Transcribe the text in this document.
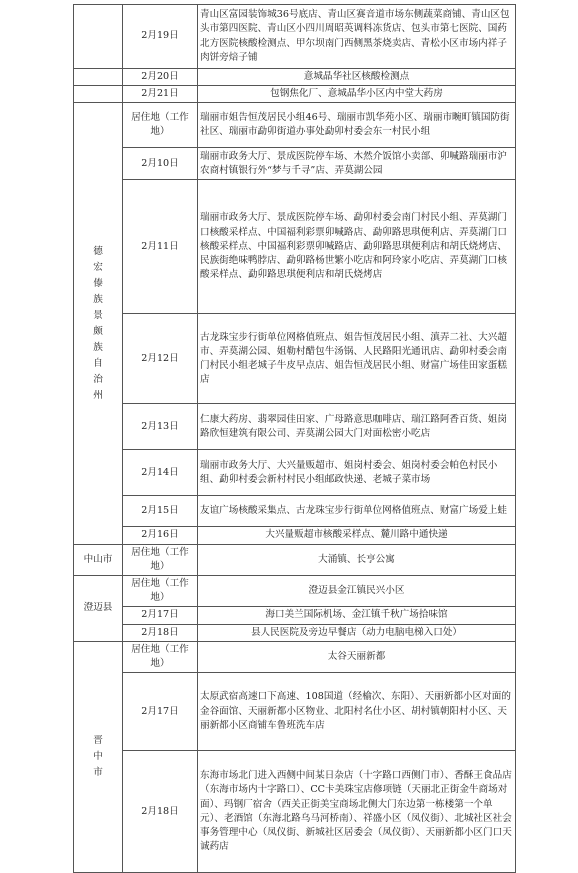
	2月19日	青山区富园装饰城36号底店、青山区赛音道市场东侧蔬菜商铺、青山区包头市第四医院、青山区小四川周昭英调料冻货店、包头市第七医院、国药北方医院核酸检测点、甲尔坝南门西侧黑茶烧卖店、青松小区市场内祥子肉饼旁焙子铺
	2月20日	意城晶华社区核酸检测点
	2月21日	包钢焦化厂、意城晶华小区内中堂大药房
德宏傣族景颇族自治州	居住地（工作地）	瑞丽市姐告恒茂居民小组46号、瑞丽市凯华苑小区、瑞丽市畹町镇国防街社区、瑞丽市勐卯街道办事处勐卯村委会东一村民小组
	2月10日	瑞丽市政务大厅、景成医院停车场、木然介饭馆小卖部、卯喊路瑞丽市沪农商村镇银行外“梦与千寻”店、弄莫湖公园
	2月11日	瑞丽市政务大厅、景成医院停车场、勐卯村委会南门村民小组、弄莫湖门口核酸采样点、中国福利彩票卯喊路店、勐卯路思琪便利店、弄莫湖门口核酸采样点、中国福利彩票卯喊路店、勐卯路思琪便利店和胡氏烧烤店、民族街绝味鸭脖店、勐卯路杨世繁小吃店和阿玲家小吃店、弄莫湖门口核酸采样点、勐卯路思琪便利店和胡氏烧烤店
	2月12日	古龙珠宝步行街单位网格值班点、姐告恒茂居民小组、滇弄二社、大兴超市、弄莫湖公园、姐勒村醋包牛汤锅、人民路阳光通讯店、勐卯村委会南门村民小组老城子牛皮早点店、姐告恒茂居民小组、财富广场佳田家蛋糕店
	2月13日	仁康大药房、翡翠园佳田家、广母路意思咖啡店、瑞江路阿香百货、姐岗路欣恒建筑有限公司、弄莫湖公园大门对面松密小吃店
	2月14日	瑞丽市政务大厅、大兴量贩超市、姐岗村委会、姐岗村委会帕色村民小组、勐卯村委会新村村民小组邮政快递、老城子菜市场
	2月15日	友谊广场核酸采集点、古龙珠宝步行街单位网格值班点、财富广场爱上蛙
	2月16日	大兴量贩超市核酸采样点、麓川路中通快递
中山市	居住地（工作地）	大涌镇、长亨公寓
澄迈县	居住地（工作地）	澄迈县金江镇民兴小区
	2月17日	海口美兰国际机场、金江镇千秋广场拾味馆
	2月18日	县人民医院及旁边早餐店（动力电脑电梯入口处）
晋中市	居住地（工作地）	太谷天丽新都
	2月17日	太原武宿高速口下高速、108国道（经榆次、东阳）、天丽新都小区对面的金谷面馆、天丽新都小区物业、北阳村名仕小区、胡村镇朝阳村小区、天丽新都小区商铺车鲁班洗车店
	2月18日	东海市场北门进入西侧中间某日杂店（十字路口西侧门市）、香酥王食品店（东海市场内十字路口）、CC卡美珠宝店修项链（天丽北正街金牛商场对面）、玛钢厂宿舍（西关正街美宝商场北侧大门东边第一栋楼第一个单元）、老酒馆（东海北路乌马河桥南）、祥盛小区（凤仪街）、北城社区社会事务管理中心（凤仪街、新城社区居委会（凤仪街）、天丽新都小区门口天诚药店
